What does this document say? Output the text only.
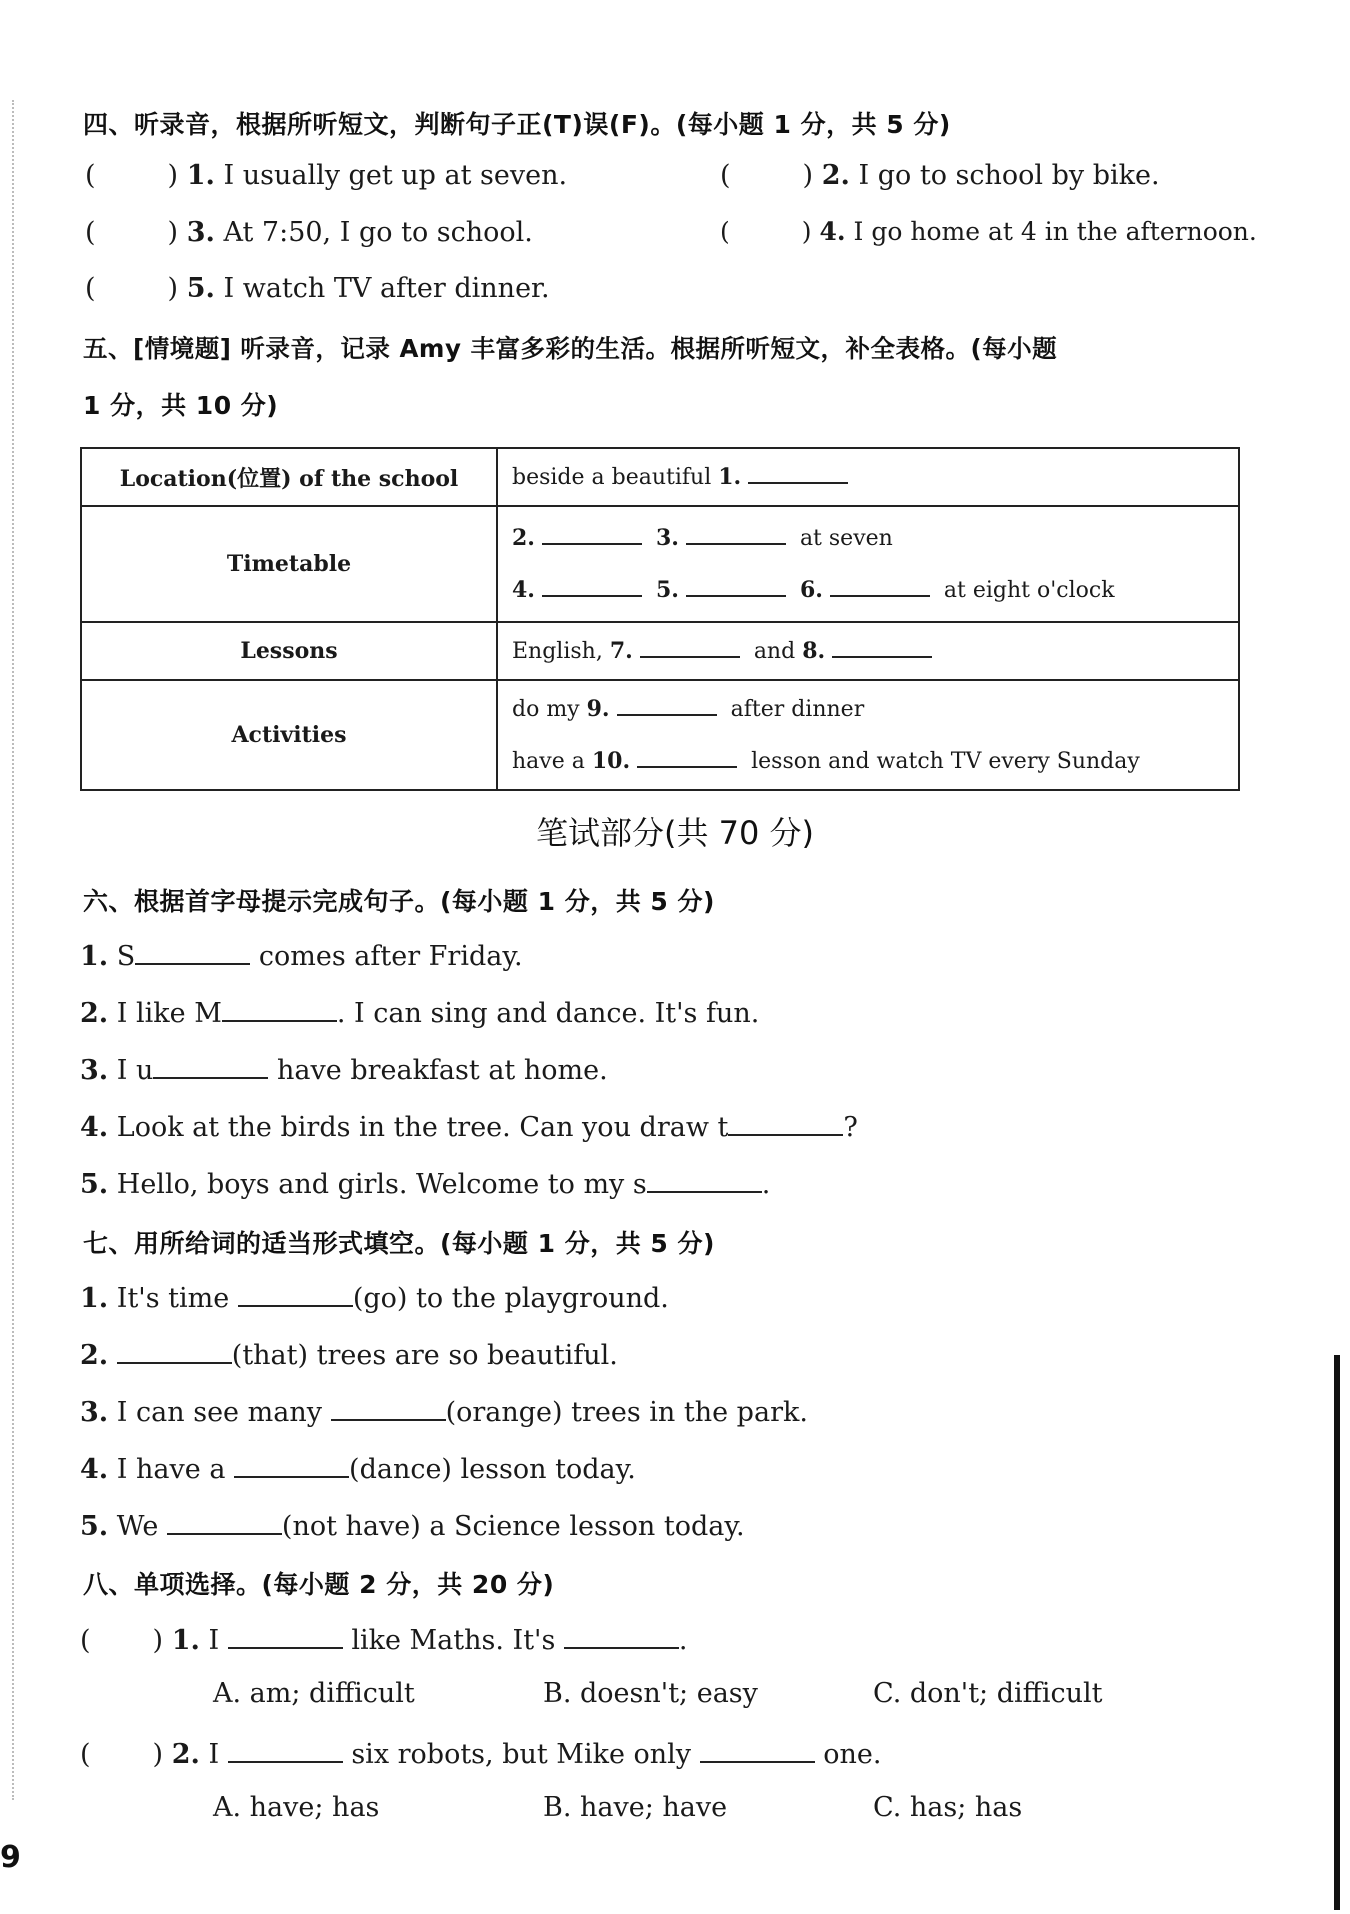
9
四、听录音，根据所听短文，判断句子正(T)误(F)。(每小题 1 分，共 5 分)
(	) 1. I usually get up at seven.	(	) 2. I go to school by bike.
(	) 3. At 7:50, I go to school.	(	) 4. I go home at 4 in the afternoon.
(	) 5. I watch TV after dinner.
五、[情境题] 听录音，记录 Amy 丰富多彩的生活。根据所听短文，补全表格。(每小题
1 分，共 10 分)
Location(位置) of the school	beside a beautiful 1.

Timetable	2. 3. at seven
4. 5. 6. at eight o'clock

Lessons	English, 7. and 8.

Activities	do my 9. after dinner
have a 10. lesson and watch TV every Sunday
笔试部分(共 70 分)
六、根据首字母提示完成句子。(每小题 1 分，共 5 分)
1. S	comes after Friday.
2. I like M	. I can sing and dance. It's fun.
3. I u	have breakfast at home.
4. Look at the birds in the tree. Can you draw t	?
5. Hello, boys and girls. Welcome to my s	.
七、用所给词的适当形式填空。(每小题 1 分，共 5 分)
1. It's time	(go) to the playground.
2.	(that) trees are so beautiful.
3. I can see many	(orange) trees in the park.
4. I have a	(dance) lesson today.
5. We	(not have) a Science lesson today.
八、单项选择。(每小题 2 分，共 20 分)
( ) 1. I	like Maths. It's	.
A. am; difficult	B. doesn't; easy	C. don't; difficult
( ) 2. I	six robots, but Mike only	one.
A. have; has	B. have; have	C. has; has
